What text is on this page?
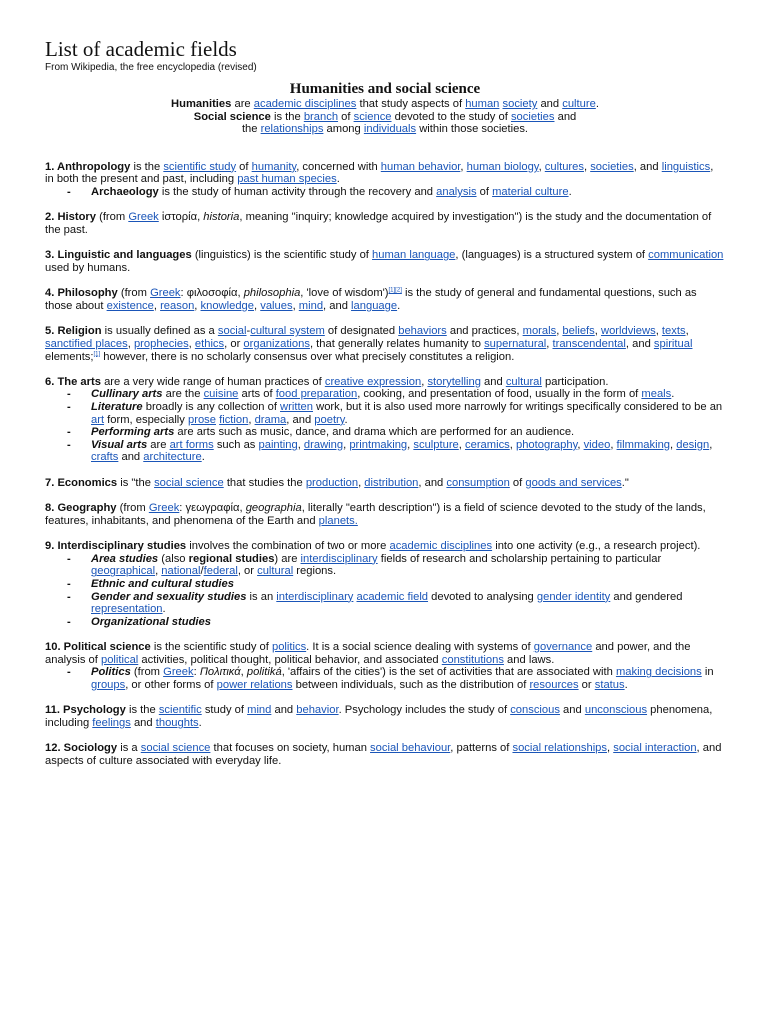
List of academic fields
From Wikipedia, the free encyclopedia (revised)
Humanities and social science
Humanities are academic disciplines that study aspects of human society and culture.
Social science is the branch of science devoted to the study of societies and
the relationships among individuals within those societies.
1. Anthropology is the scientific study of humanity, concerned with human behavior, human biology, cultures, societies, and linguistics, in both the present and past, including past human species.
- Archaeology is the study of human activity through the recovery and analysis of material culture.
2. History (from Greek ἱστορία, historia, meaning "inquiry; knowledge acquired by investigation") is the study and the documentation of the past.
3. Linguistic and languages (linguistics) is the scientific study of human language, (languages) is a structured system of communication used by humans.
4. Philosophy (from Greek: φιλοσοφία, philosophia, 'love of wisdom')[1][2] is the study of general and fundamental questions, such as those about existence, reason, knowledge, values, mind, and language.
5. Religion is usually defined as a social-cultural system of designated behaviors and practices, morals, beliefs, worldviews, texts, sanctified places, prophecies, ethics, or organizations, that generally relates humanity to supernatural, transcendental, and spiritual elements;[1] however, there is no scholarly consensus over what precisely constitutes a religion.
6. The arts are a very wide range of human practices of creative expression, storytelling and cultural participation.
- Cullinary arts are the cuisine arts of food preparation, cooking, and presentation of food, usually in the form of meals.
- Literature broadly is any collection of written work, but it is also used more narrowly for writings specifically considered to be an art form, especially prose fiction, drama, and poetry.
- Performing arts are arts such as music, dance, and drama which are performed for an audience.
- Visual arts are art forms such as painting, drawing, printmaking, sculpture, ceramics, photography, video, filmmaking, design, crafts and architecture.
7. Economics is "the social science that studies the production, distribution, and consumption of goods and services."
8. Geography (from Greek: γεωγραφία, geographia, literally "earth description") is a field of science devoted to the study of the lands, features, inhabitants, and phenomena of the Earth and planets.
9. Interdisciplinary studies involves the combination of two or more academic disciplines into one activity (e.g., a research project).
- Area studies (also regional studies) are interdisciplinary fields of research and scholarship pertaining to particular geographical, national/federal, or cultural regions.
- Ethnic and cultural studies
- Gender and sexuality studies is an interdisciplinary academic field devoted to analysing gender identity and gendered representation.
- Organizational studies
10. Political science is the scientific study of politics. It is a social science dealing with systems of governance and power, and the analysis of political activities, political thought, political behavior, and associated constitutions and laws.
- Politics (from Greek: Πολιτικά, politiká, 'affairs of the cities') is the set of activities that are associated with making decisions in groups, or other forms of power relations between individuals, such as the distribution of resources or status.
11. Psychology is the scientific study of mind and behavior. Psychology includes the study of conscious and unconscious phenomena, including feelings and thoughts.
12. Sociology is a social science that focuses on society, human social behaviour, patterns of social relationships, social interaction, and aspects of culture associated with everyday life.
